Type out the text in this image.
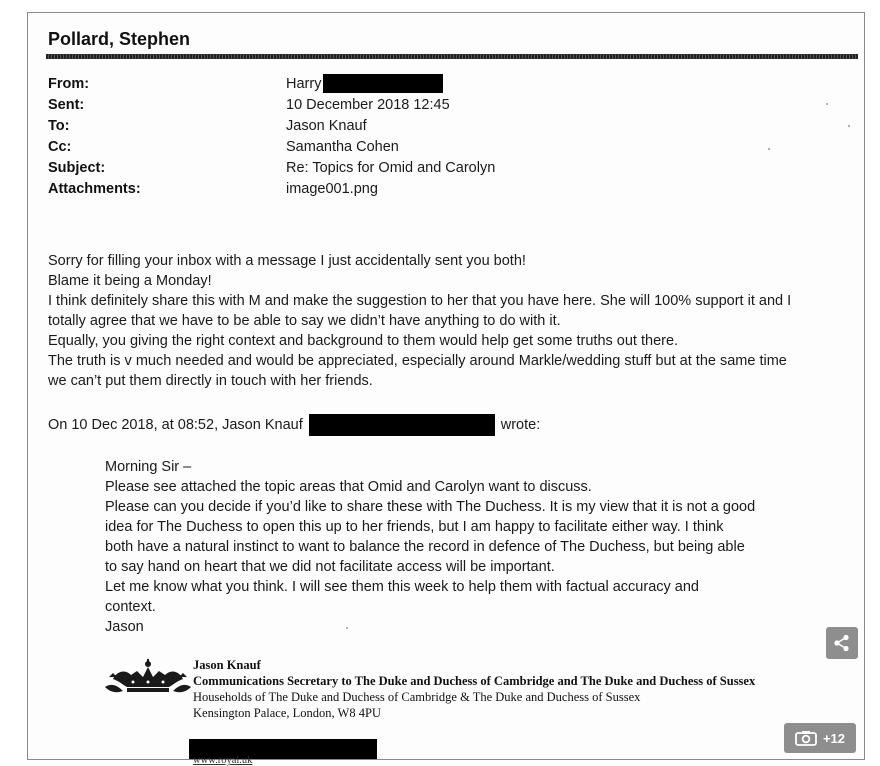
Pollard, Stephen
From:	Harry
Sent:	10 December 2018 12:45
To:	Jason Knauf
Cc:	Samantha Cohen
Subject:	Re: Topics for Omid and Carolyn
Attachments:	image001.png

Sorry for filling your inbox with a message I just accidentally sent you both!

Blame it being a Monday!

I think definitely share this with M and make the suggestion to her that you have here. She will 100% support it and I

totally agree that we have to be able to say we didn’t have anything to do with it.

Equally, you giving the right context and background to them would help get some truths out there.

The truth is v much needed and would be appreciated, especially around Markle/wedding stuff but at the same time

we can’t put them directly in touch with her friends.

On 10 Dec 2018, at 08:52, Jason Knauf	wrote:

Morning Sir –

Please see attached the topic areas that Omid and Carolyn want to discuss.

Please can you decide if you’d like to share these with The Duchess. It is my view that it is not a good

idea for The Duchess to open this up to her friends, but I am happy to facilitate either way. I think

both have a natural instinct to want to balance the record in defence of The Duchess, but being able

to say hand on heart that we did not facilitate access will be important.

Let me know what you think. I will see them this week to help them with factual accuracy and

context.

Jason

Jason Knauf
Communications Secretary to The Duke and Duchess of Cambridge and The Duke and Duchess of Sussex
Households of The Duke and Duchess of Cambridge & The Duke and Duchess of Sussex
Kensington Palace, London, W8 4PU
www.royal.uk
+12
